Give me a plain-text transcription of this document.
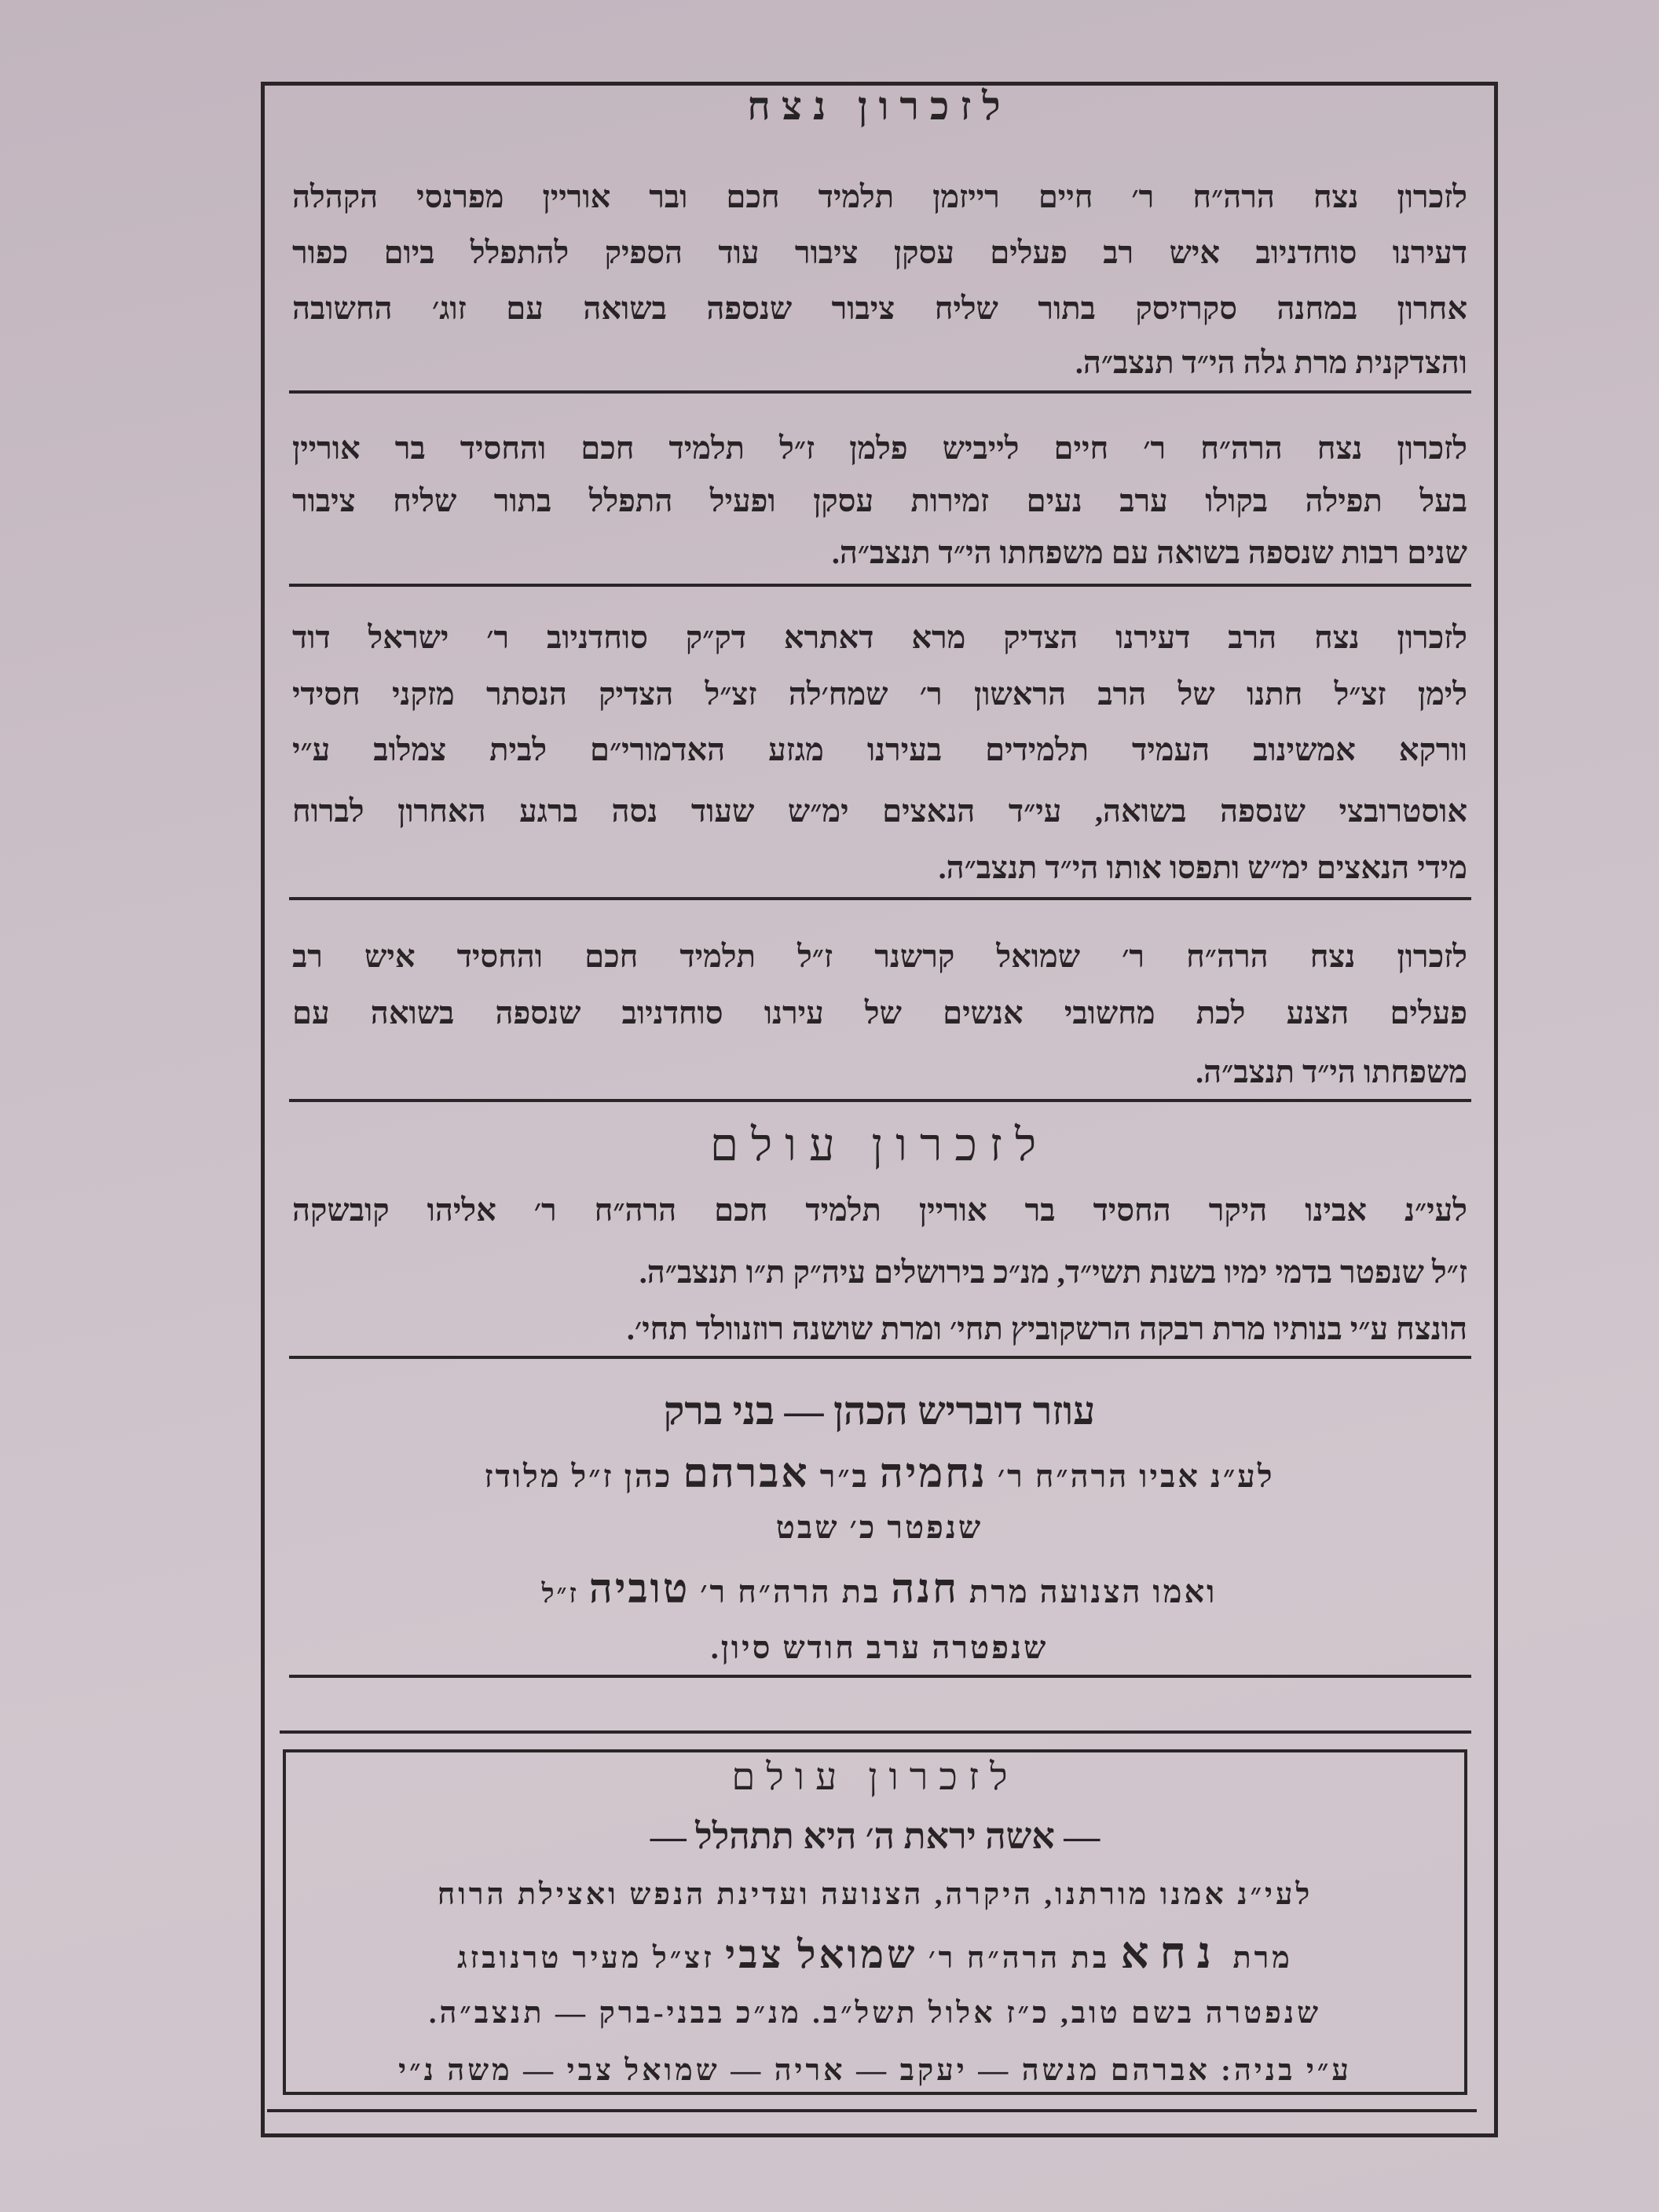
לזכרון נצח
לזכרון נצח הרה״ח ר׳ חיים רייזמן תלמיד חכם ובר אוריין מפרנסי הקהלה
דעירנו סוחדניוב איש רב פעלים עסקן ציבור עוד הספיק להתפלל ביום כפור
אחרון במחנה סקרזיסק בתור שליח ציבור שנספה בשואה עם זוג׳ החשובה
והצדקנית מרת גלה הי״ד תנצב״ה.
לזכרון נצח הרה״ח ר׳ חיים לייביש פלמן ז״ל תלמיד חכם והחסיד בר אוריין
בעל תפילה בקולו ערב נעים זמירות עסקן ופעיל התפלל בתור שליח ציבור
שנים רבות שנספה בשואה עם משפחתו הי״ד תנצב״ה.
לזכרון נצח הרב דעירנו הצדיק מרא דאתרא דק״ק סוחדניוב ר׳ ישראל דוד
לימן זצ״ל חתנו של הרב הראשון ר׳ שמח׳לה זצ״ל הצדיק הנסתר מזקני חסידי
וורקא אמשינוב העמיד תלמידים בעירנו מגזע האדמורי״ם לבית צמלוב ע״י
אוסטרובצי שנספה בשואה, עי״ד הנאצים ימ״ש שעוד נסה ברגע האחרון לברוח
מידי הנאצים ימ״ש ותפסו אותו הי״ד תנצב״ה.
לזכרון נצח הרה״ח ר׳ שמואל קרשנר ז״ל תלמיד חכם והחסיד איש רב
פעלים הצנע לכת מחשובי אנשים של עירנו סוחדניוב שנספה בשואה עם
משפחתו הי״ד תנצב״ה.
לזכרון עולם
לעי״נ אבינו היקר החסיד בר אוריין תלמיד חכם הרה״ח ר׳ אליהו קובשקה
ז״ל שנפטר בדמי ימיו בשנת תשי״ד, מנ״כ בירושלים עיה״ק ת״ו תנצב״ה.
הונצח ע״י בנותיו מרת רבקה הרשקוביץ תחי׳ ומרת שושנה רוזנוולד תחי׳.
עוזר דובריש הכהן — בני ברק
לע״נ אביו הרה״ח ר׳ נחמיה ב״ר אברהם כהן ז״ל מלודז
שנפטר כ׳ שבט
ואמו הצנועה מרת חנה בת הרה״ח ר׳ טוביה ז״ל
שנפטרה ערב חודש סיון.
לזכרון עולם
— אשה יראת ה׳ היא תתהלל —
לעי״נ אמנו מורתנו, היקרה, הצנועה ועדינת הנפש ואצילת הרוח
מרת נחא בת הרה״ח ר׳ שמואל צבי זצ״ל מעיר טרנובזג
שנפטרה בשם טוב, כ״ז אלול תשל״ב. מנ״כ בבני-ברק — תנצב״ה.
ע״י בניה: אברהם מנשה — יעקב — אריה — שמואל צבי — משה נ״י
